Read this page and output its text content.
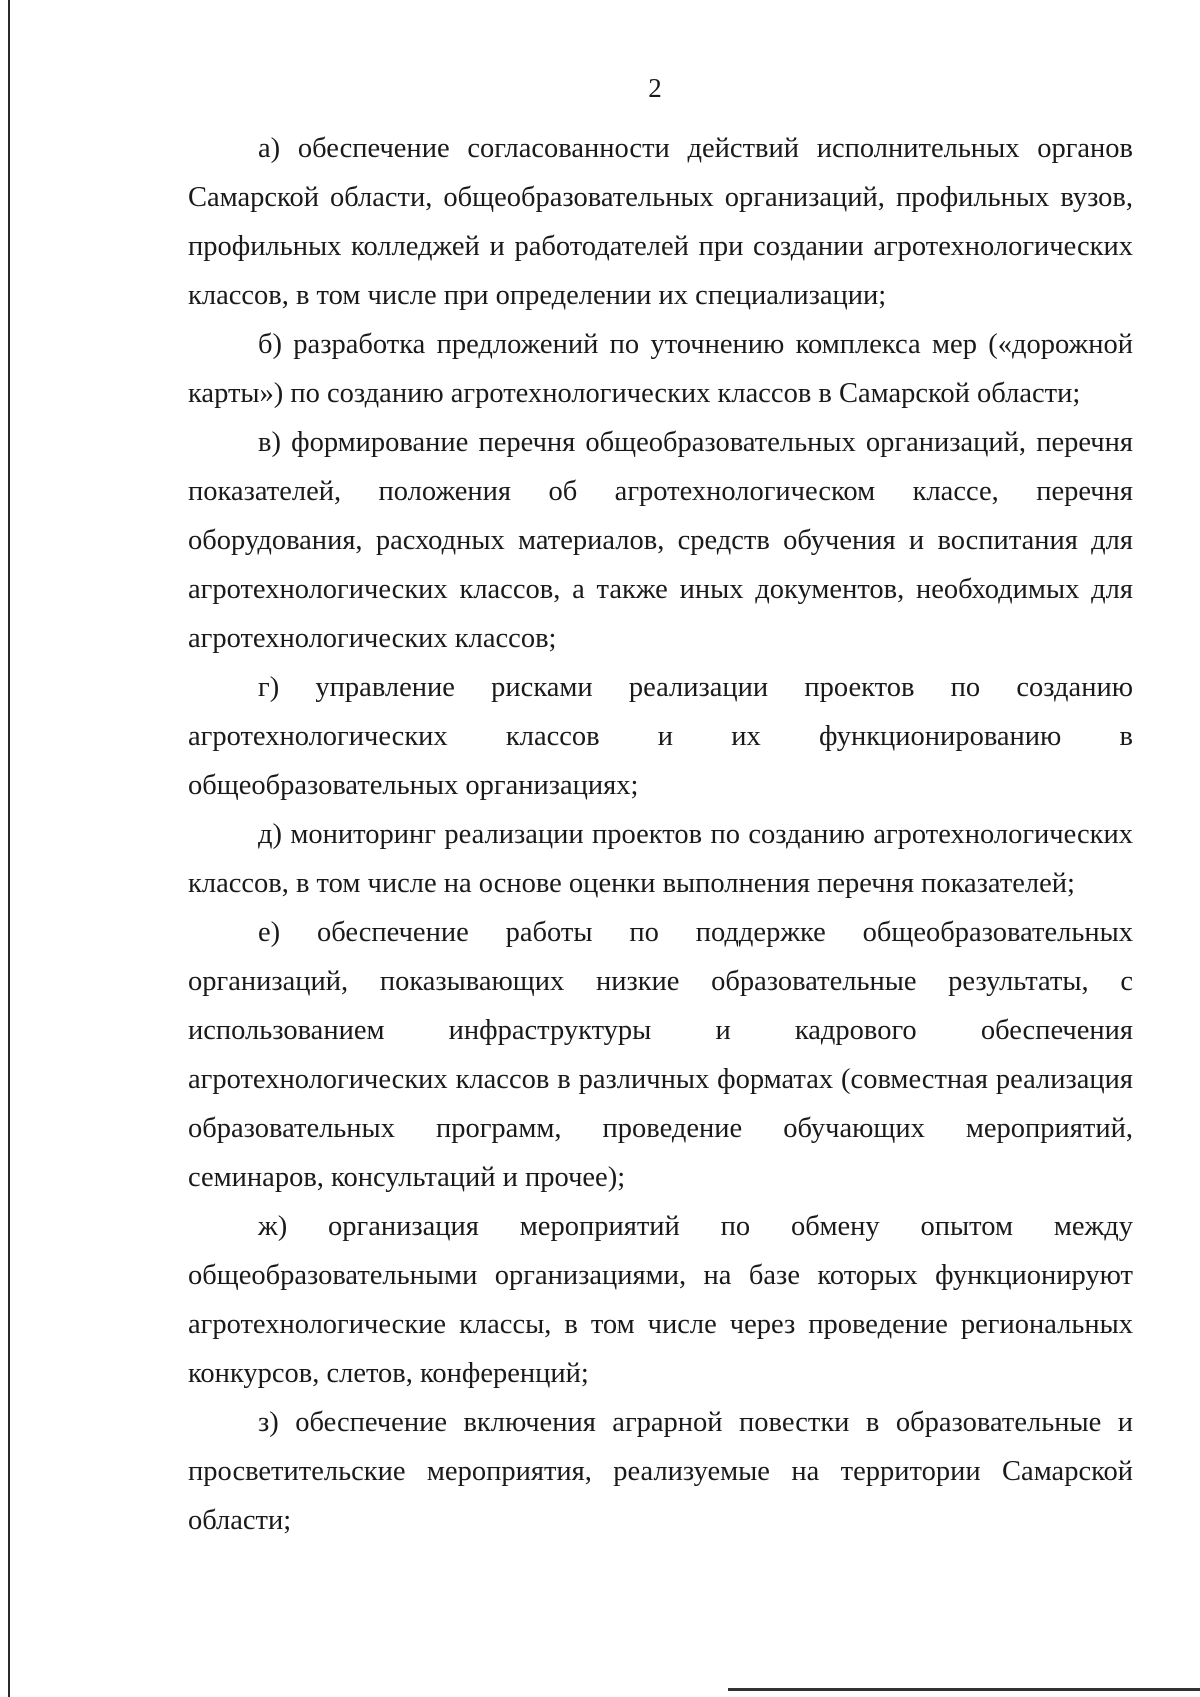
2

а) обеспечение согласованности действий исполнительных органов Самарской области, общеобразовательных организаций, профильных вузов, профильных колледжей и работодателей при создании агротехнологических классов, в том числе при определении их специализации;

б) разработка предложений по уточнению комплекса мер («дорожной карты») по созданию агротехнологических классов в Самарской области;

в) формирование перечня общеобразовательных организаций, перечня показателей, положения об агротехнологическом классе, перечня оборудования, расходных материалов, средств обучения и воспитания для агротехнологических классов, а также иных документов, необходимых для агротехнологических классов;

г) управление рисками реализации проектов по созданию агротехнологических классов и их функционированию в общеобразовательных организациях;

д) мониторинг реализации проектов по созданию агротехнологических классов, в том числе на основе оценки выполнения перечня показателей;

е) обеспечение работы по поддержке общеобразовательных организаций, показывающих низкие образовательные результаты, с использованием инфраструктуры и кадрового обеспечения агротехнологических классов в различных форматах (совместная реализация образовательных программ, проведение обучающих мероприятий, семинаров, консультаций и прочее);

ж) организация мероприятий по обмену опытом между общеобразовательными организациями, на базе которых функционируют агротехнологические классы, в том числе через проведение региональных конкурсов, слетов, конференций;

з) обеспечение включения аграрной повестки в образовательные и просветительские мероприятия, реализуемые на территории Самарской области;
